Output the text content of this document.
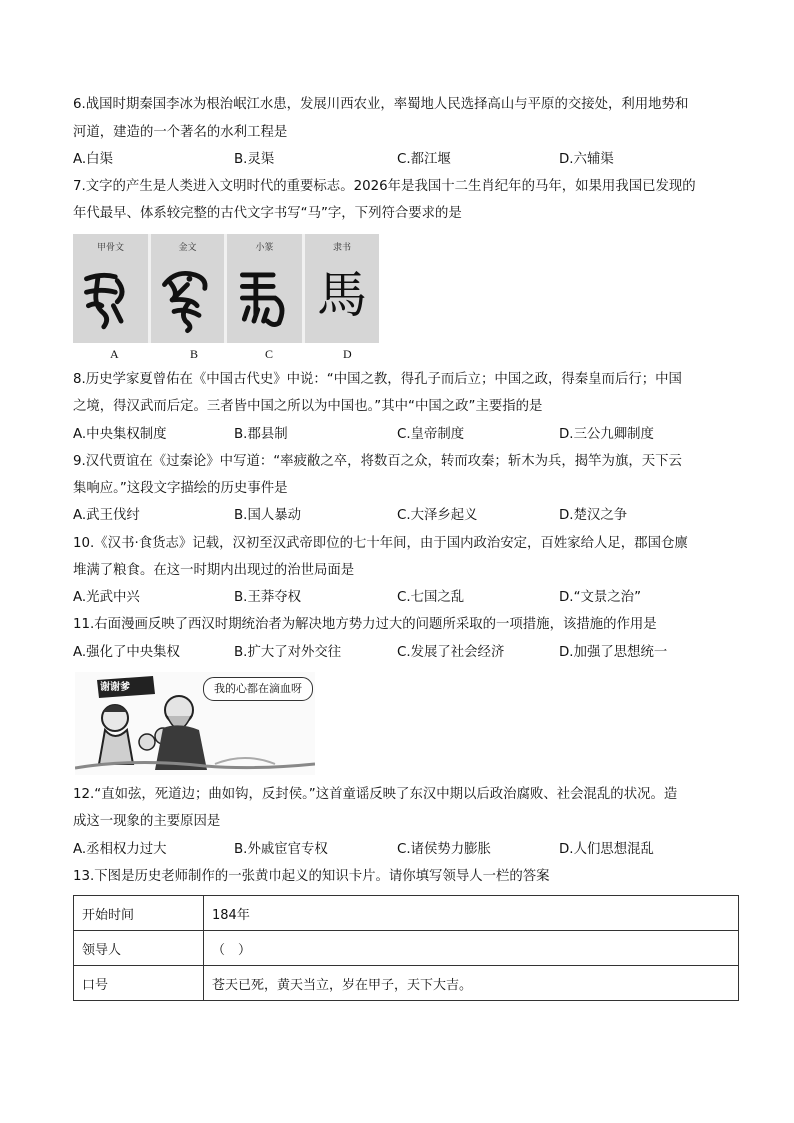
6.战国时期秦国李冰为根治岷江水患，发展川西农业，率蜀地人民选择高山与平原的交接处，利用地势和
河道，建造的一个著名的水利工程是
A.白渠	B.灵渠	C.都江堰	D.六辅渠
7.文字的产生是人类进入文明时代的重要标志。2026年是我国十二生肖纪年的马年，如果用我国已发现的
年代最早、体系较完整的古代文字书写“马”字，下列符合要求的是
甲骨文	金文	小篆	隶书
馬
A	B	C	D
8.历史学家夏曾佑在《中国古代史》中说：“中国之教，得孔子而后立；中国之政，得秦皇而后行；中国
之境，得汉武而后定。三者皆中国之所以为中国也。”其中“中国之政”主要指的是
A.中央集权制度	B.郡县制	C.皇帝制度	D.三公九卿制度
9.汉代贾谊在《过秦论》中写道：“率疲敝之卒，将数百之众，转而攻秦；斩木为兵，揭竿为旗，天下云
集响应。”这段文字描绘的历史事件是
A.武王伐纣	B.国人暴动	C.大泽乡起义	D.楚汉之争
10.《汉书·食货志》记载，汉初至汉武帝即位的七十年间，由于国内政治安定，百姓家给人足，郡国仓廪
堆满了粮食。在这一时期内出现过的治世局面是
A.光武中兴	B.王莽夺权	C.七国之乱	D.“文景之治”
11.右面漫画反映了西汉时期统治者为解决地方势力过大的问题所采取的一项措施，该措施的作用是
A.强化了中央集权	B.扩大了对外交往	C.发展了社会经济	D.加强了思想统一
谢谢爹	我的心都在滴血呀
12.“直如弦，死道边；曲如钩，反封侯。”这首童谣反映了东汉中期以后政治腐败、社会混乱的状况。造
成这一现象的主要原因是
A.丞相权力过大	B.外戚宦官专权	C.诸侯势力膨胀	D.人们思想混乱
13.下图是历史老师制作的一张黄巾起义的知识卡片。请你填写领导人一栏的答案
开始时间	184年
领导人	（　）
口号	苍天已死，黄天当立，岁在甲子，天下大吉。
